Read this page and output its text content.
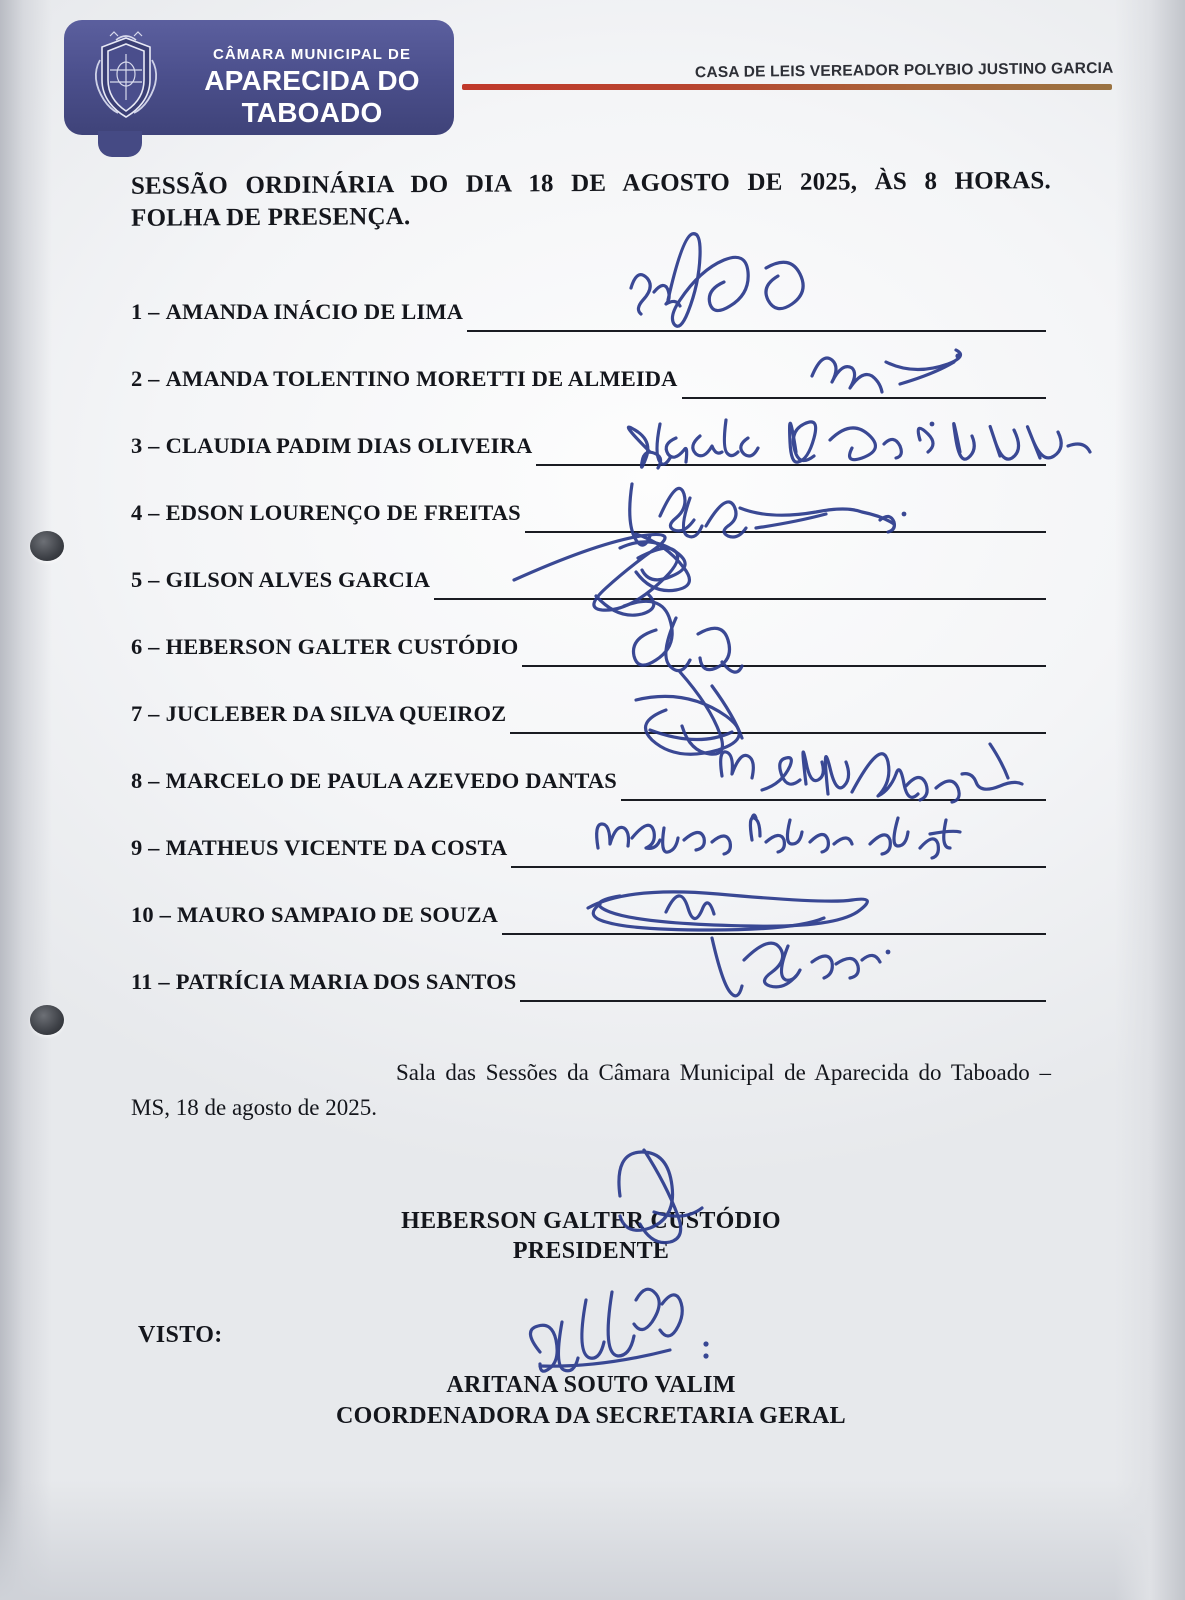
CÂMARA MUNICIPAL DE
APARECIDA DO TABOADO
CASA DE LEIS VEREADOR POLYBIO JUSTINO GARCIA
SESSÃO ORDINÁRIA DO DIA 18 DE AGOSTO DE 2025, ÀS 8 HORAS.
FOLHA DE PRESENÇA.
1 – AMANDA INÁCIO DE LIMA
2 – AMANDA TOLENTINO MORETTI DE ALMEIDA
3 – CLAUDIA PADIM DIAS OLIVEIRA
4 – EDSON LOURENÇO DE FREITAS
5 – GILSON ALVES GARCIA
6 – HEBERSON GALTER CUSTÓDIO
7 – JUCLEBER DA SILVA QUEIROZ
8 – MARCELO DE PAULA AZEVEDO DANTAS
9 – MATHEUS VICENTE DA COSTA
10 – MAURO SAMPAIO DE SOUZA
11 – PATRÍCIA MARIA DOS SANTOS
Sala das Sessões da Câmara Municipal de Aparecida do Taboado – MS, 18 de agosto de 2025.
HEBERSON GALTER CUSTÓDIO
PRESIDENTE
VISTO:
ARITANA SOUTO VALIM
COORDENADORA DA SECRETARIA GERAL
